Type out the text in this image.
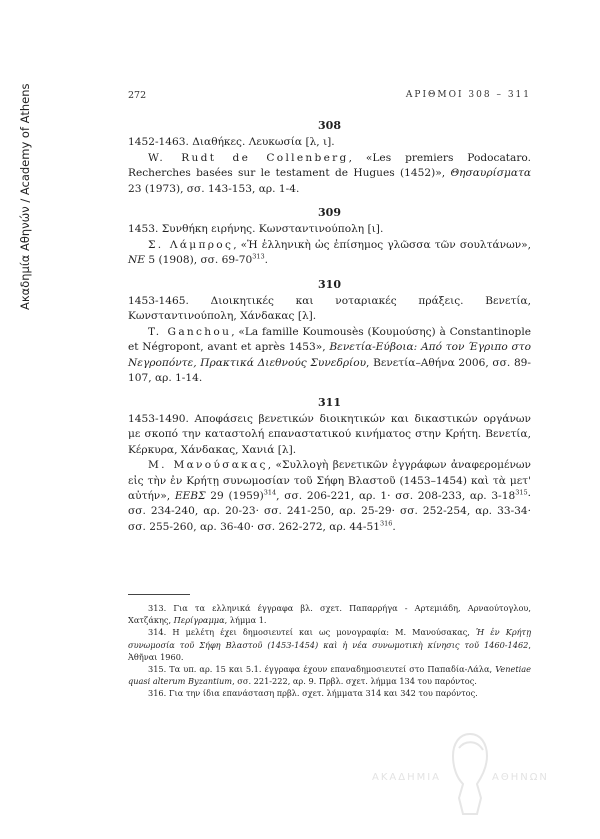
Ακαδημία Αθηνών / Academy of Athens	272	ΑΡΙΘΜΟΙ 308 – 311
308

1452-1463. Διαθήκες. Λευκωσία [λ, ι].

W. Rudt de Collenberg, «Les premiers Podocataro. Recherches basées sur le testament de Hugues (1452)», Θησαυρίσματα 23 (1973), σσ. 143-153, αρ. 1-4.

309

1453. Συνθήκη ειρήνης. Κωνσταντινούπολη [ι].

Σ. Λάμπρος, «Ἡ ἑλληνικὴ ὡς ἐπίσημος γλῶσσα τῶν σουλτάνων», NE 5 (1908), σσ. $69-70^{313}$.

310

1453-1465. Διοικητικές και νοταριακές πράξεις. Βενετία, Κωνσταντινούπολη, Χάνδακας [λ].

T. Ganchou, «La famille Koumousès (Κουμούσης) à Constantinople et Négropont, avant et après 1453», Βενετία-Εύβοια: Από τον Έγριπο στο Νεγροπόντε, Πρακτικά Διεθνούς Συνεδρίου, Βενετία–Αθήνα 2006, σσ. 89-107, αρ. 1-14.

311

1453-1490. Αποφάσεις βενετικών διοικητικών και δικαστικών οργάνων με σκοπό την καταστολή επαναστατικού κινήματος στην Κρήτη. Βενετία, Κέρκυρα, Χάνδακας, Χανιά [λ].

Μ. Μανούσακας, «Συλλογὴ βενετικῶν ἐγγράφων ἀναφερομένων εἰς τὴν ἐν Κρήτῃ συνωμοσίαν τοῦ Σήφη Βλαστοῦ (1453–1454) καὶ τὰ μετ' αὐτήν», ΕΕΒΣ 29 $(1959)^{314}$, σσ. 206-221, αρ. 1· σσ. 208-233, αρ. $3-18^{315}\cdot \sigma\sigma$. 234-240, αρ. 20-23· σσ. 241-250, αρ. 25-29· σσ. 252-254, αρ. 33-34· σσ. 255-260, αρ. 36-40· σσ. 262-272, αρ. $44-51^{316}$.

313. Για τα ελληνικά έγγραφα βλ. σχετ. Παπαρρήγα - Αρτεμιάδη, Αρναούτογλου, Χατζάκης, Περίγραμμα, λήμμα 1.

314. Η μελέτη έχει δημοσιευτεί και ως μονογραφία: Μ. Μανούσακας, Ἡ ἐν Κρήτῃ συνωμοσία τοῦ Σήφη Βλαστοῦ (1453-1454) καὶ ἡ νέα συνωμοτικὴ κίνησις τοῦ 1460-1462, Ἀθῆναι 1960.

315. Τα υπ. αρ. 15 και 5.1. έγγραφα έχουν επαναδημοσιευτεί στο Παπαδία-Λάλα, Venetiae quasi alterum Byzantium, σσ. 221-222, αρ. 9. Πρβλ. σχετ. λήμμα 134 του παρόντος.

316. Για την ίδια επανάσταση πρβλ. σχετ. λήμματα 314 και 342 του παρόντος.

ΑΚΑΔΗΜΙΑ	ΑΘΗΝΩΝ
